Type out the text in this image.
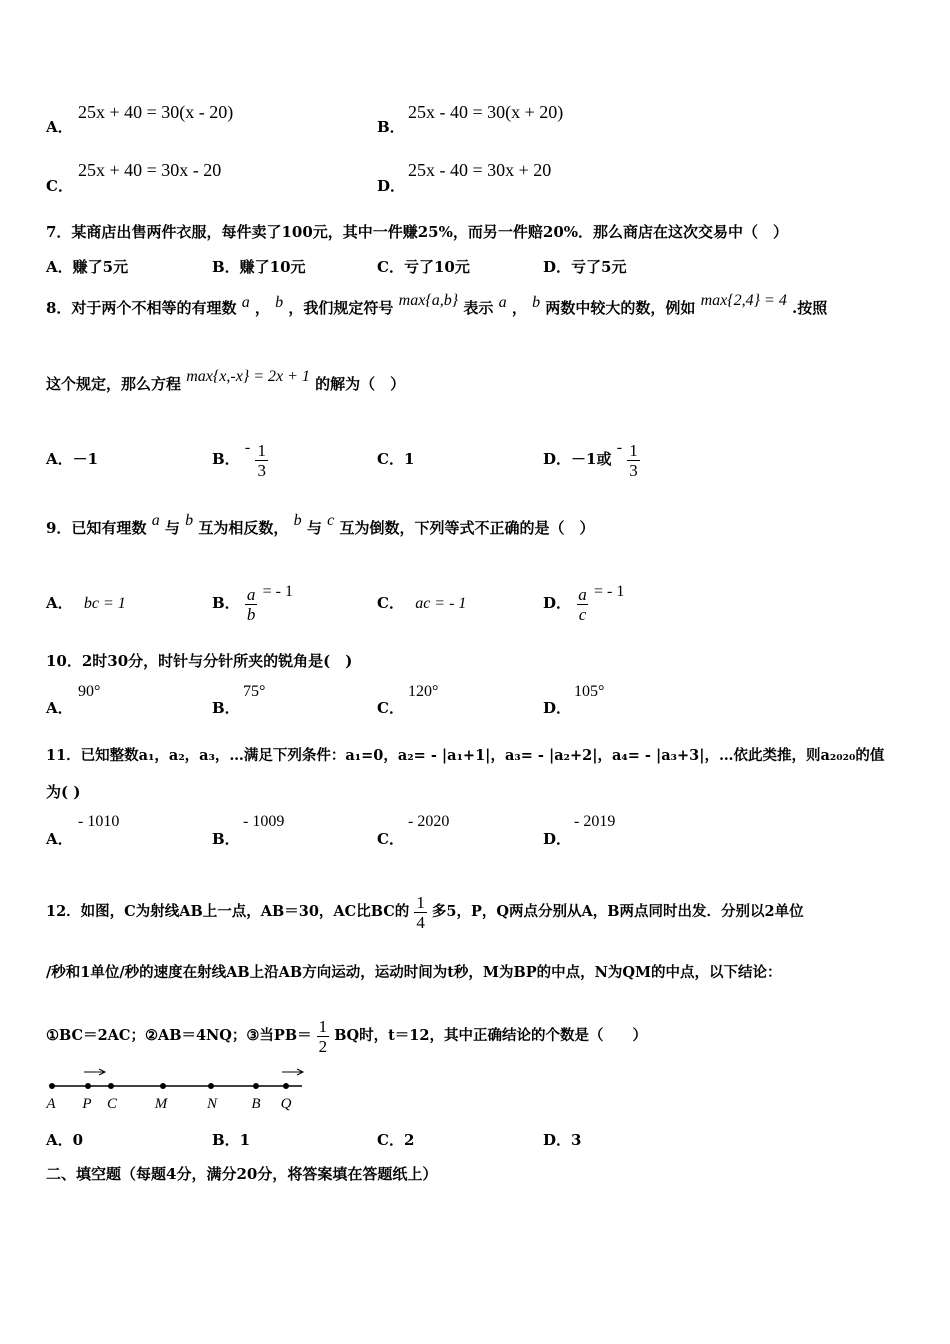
A．
25x + 40 = 30(x - 20)
B．
25x - 40 = 30(x + 20)
C．
25x + 40 = 30x - 20
D．
25x - 40 = 30x + 20
7．某商店出售两件衣服，每件卖了100元，其中一件赚25%，而另一件赔20%．那么商店在这次交易中（　）
A．赚了5元	B．赚了10元	C．亏了10元	D．亏了5元
8．对于两个不相等的有理数 a ， b ，我们规定符号 max{a,b} 表示 a ， b 两数中较大的数，例如 max{2,4} = 4 .按照
这个规定，那么方程 max{x,-x} = 2x + 1 的解为（　）
A．－1	B． - $\frac{1}{3}$	C．1	D．－1或 - $\frac{1}{3}$
9．已知有理数 a 与 b 互为相反数， b 与 c 互为倒数，下列等式不正确的是（　）
A． bc = 1	B． $\frac{a}{b}$ = - 1
C． ac = - 1	D． $\frac{a}{c}$ = - 1
10．2时30分，时针与分针所夹的锐角是(　)
A．
90°
B．
75°
C．
120°
D．
105°
11．已知整数a₁，a₂，a₃，…满足下列条件：a₁=0，a₂= - |a₁+1|，a₃= - |a₂+2|，a₄= - |a₃+3|，…依此类推，则a₂₀₂₀的值
为( )
A．
- 1010
B．
- 1009
C．
- 2020
D．
- 2019
12．如图，C为射线AB上一点，AB＝30，AC比BC的 $\frac{1}{4}$ 多5，P，Q两点分别从A，B两点同时出发．分别以2单位
/秒和1单位/秒的速度在射线AB上沿AB方向运动，运动时间为t秒，M为BP的中点，N为QM的中点，以下结论：
①BC＝2AC；②AB＝4NQ；③当$PB= \frac{1}{2}$ BQ时，t＝12，其中正确结论的个数是（　　）
A P C	M	N B Q
A．0	B．1	C．2	D．3
二、填空题（每题4分，满分20分，将答案填在答题纸上）
